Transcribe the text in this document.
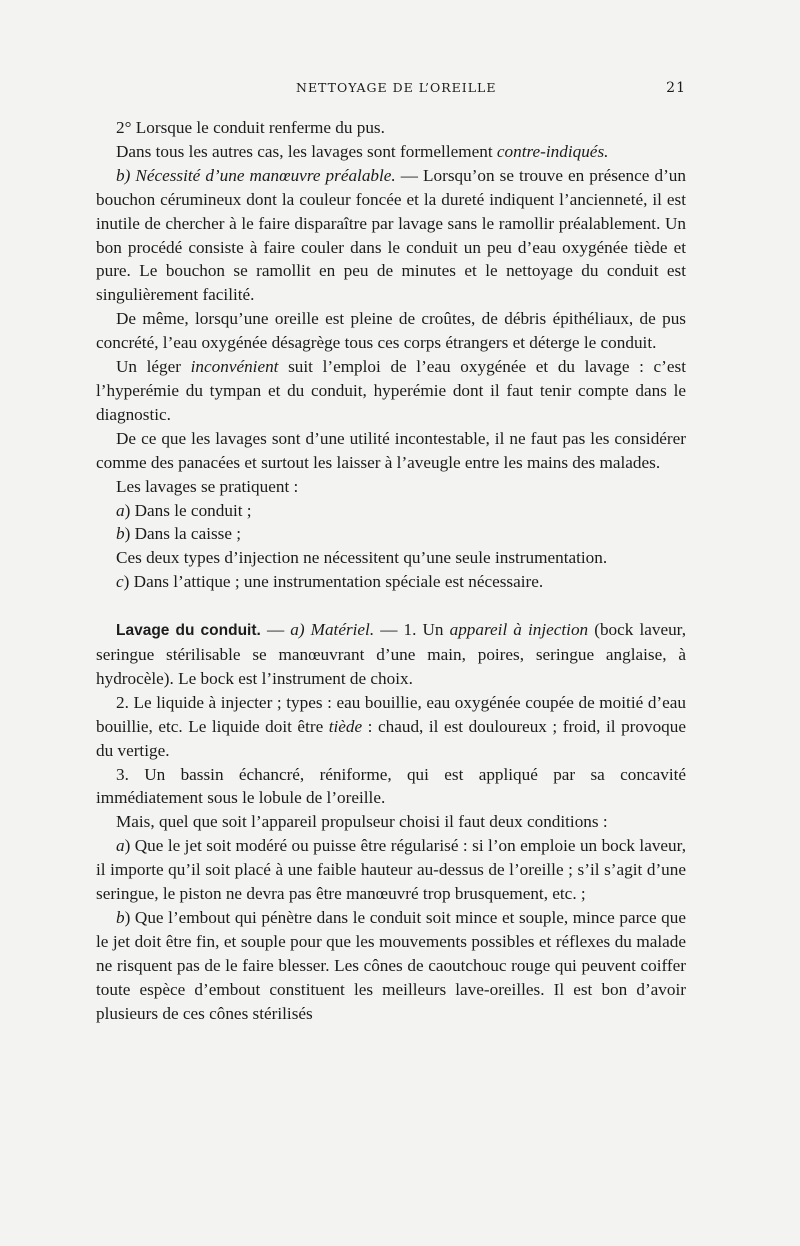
NETTOYAGE DE L’OREILLE	21

2° Lorsque le conduit renferme du pus.

Dans tous les autres cas, les lavages sont formellement contre-indiqués.

b) Nécessité d’une manœuvre préalable. — Lorsqu’on se trouve en présence d’un bouchon cérumineux dont la couleur foncée et la dureté indiquent l’ancienneté, il est inutile de chercher à le faire disparaître par lavage sans le ramollir préalablement. Un bon procédé consiste à faire couler dans le conduit un peu d’eau oxygénée tiède et pure. Le bouchon se ramollit en peu de minutes et le nettoyage du conduit est singulièrement facilité.

De même, lorsqu’une oreille est pleine de croûtes, de débris épithéliaux, de pus concrété, l’eau oxygénée désagrège tous ces corps étrangers et déterge le conduit.

Un léger inconvénient suit l’emploi de l’eau oxygénée et du lavage : c’est l’hyperémie du tympan et du conduit, hyperémie dont il faut tenir compte dans le diagnostic.

De ce que les lavages sont d’une utilité incontestable, il ne faut pas les considérer comme des panacées et surtout les laisser à l’aveugle entre les mains des malades.

Les lavages se pratiquent :

a) Dans le conduit ;

b) Dans la caisse ;

Ces deux types d’injection ne nécessitent qu’une seule instrumentation.

c) Dans l’attique ; une instrumentation spéciale est nécessaire.

Lavage du conduit. — a) Matériel. — 1. Un appareil à injection (bock laveur, seringue stérilisable se manœuvrant d’une main, poires, seringue anglaise, à hydrocèle). Le bock est l’instrument de choix.

2. Le liquide à injecter ; types : eau bouillie, eau oxygénée coupée de moitié d’eau bouillie, etc. Le liquide doit être tiède : chaud, il est douloureux ; froid, il provoque du vertige.

3. Un bassin échancré, réniforme, qui est appliqué par sa concavité immédiatement sous le lobule de l’oreille.

Mais, quel que soit l’appareil propulseur choisi il faut deux conditions :

a) Que le jet soit modéré ou puisse être régularisé : si l’on emploie un bock laveur, il importe qu’il soit placé à une faible hauteur au-dessus de l’oreille ; s’il s’agit d’une seringue, le piston ne devra pas être manœuvré trop brusquement, etc. ;

b) Que l’embout qui pénètre dans le conduit soit mince et souple, mince parce que le jet doit être fin, et souple pour que les mouvements possibles et réflexes du malade ne risquent pas de le faire blesser. Les cônes de caoutchouc rouge qui peuvent coiffer toute espèce d’embout constituent les meilleurs lave-oreilles. Il est bon d’avoir plusieurs de ces cônes stérilisés
